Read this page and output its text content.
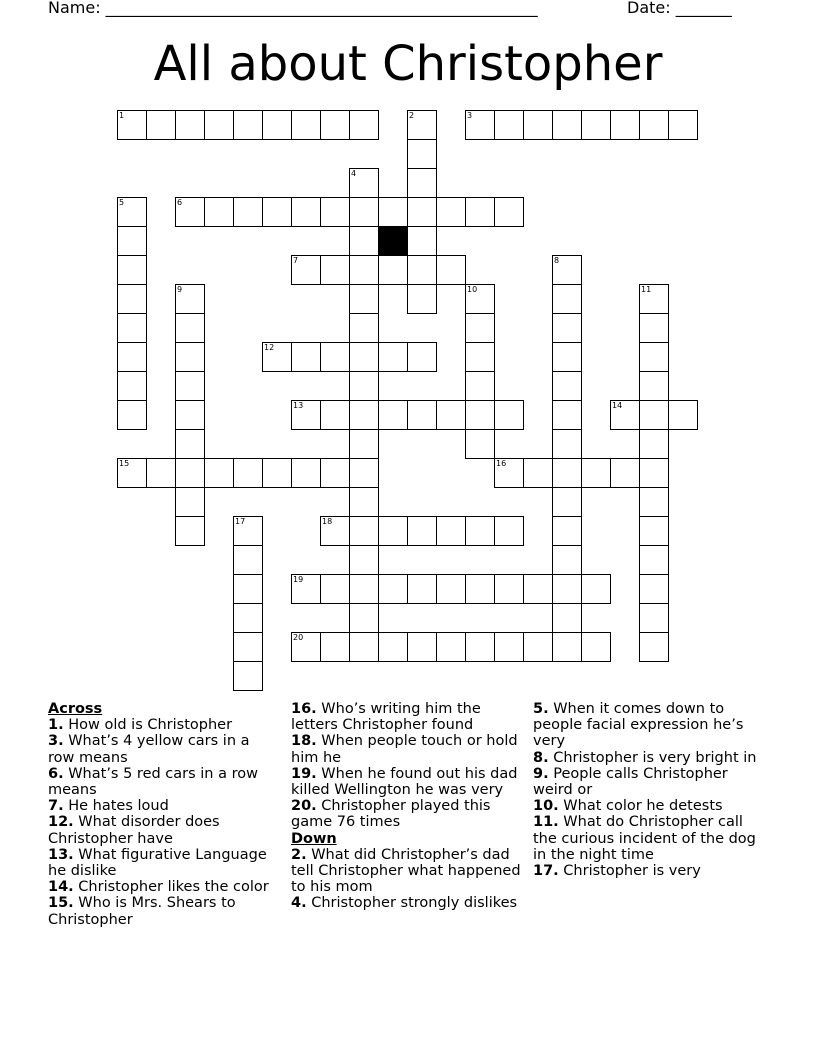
Name: ______________________________________________________	Date: _______
All about Christopher
1	2	3
4
5	6
7	8
9	10	11
12
13	14
15	16
17	18
19
20

Across

1. How old is Christopher

3. What’s 4 yellow cars in a row means

6. What’s 5 red cars in a row means

7. He hates loud

12. What disorder does Christopher have

13. What figurative Language he dislike

14. Christopher likes the color

15. Who is Mrs. Shears to Christopher

16. Who’s writing him the letters Christopher found

18. When people touch or hold him he

19. When he found out his dad killed Wellington he was very

20. Christopher played this game 76 times

Down

2. What did Christopher’s dad tell Christopher what happened to his mom

4. Christopher strongly dislikes

5. When it comes down to people facial expression he’s very

8. Christopher is very bright in

9. People calls Christopher weird or

10. What color he detests

11. What do Christopher call the curious incident of the dog in the night time

17. Christopher is very
